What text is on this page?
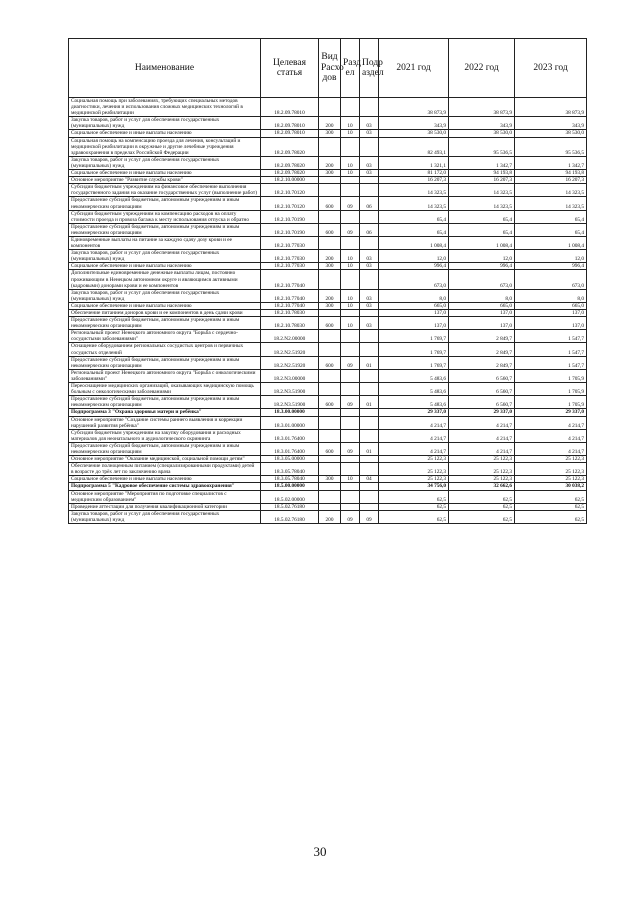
Наименование	Целевая статья	Вид Расхо дов	Разд ел	Подр аздел	2021 год	2022 год	2023 год
Социальная помощь при заболеваниях, требующих специальных методов диагностики, лечения и использования сложных медицинских технологий в медицинской реабилитации	18.2.09.78010				38 873,9	38 873,9	38 873,9
Закупка товаров, работ и услуг для обеспечения государственных (муниципальных) нужд	18.2.09.78010	200	10	03	343,9	343,9	343,9
Социальное обеспечение и иные выплаты населению	18.2.09.78010	300	10	03	38 530,0	38 530,0	38 530,0
Социальная помощь на компенсацию проезда для лечения, консультаций и медицинской реабилитации в окружные и другие лечебные учреждения здравоохранения в пределах Российской Федерации	18.2.09.78020				82 493,1	95 536,5	95 536,5
Закупка товаров, работ и услуг для обеспечения государственных (муниципальных) нужд	18.2.09.78020	200	10	03	1 321,1	1 342,7	1 342,7
Социальное обеспечение и иные выплаты населению	18.2.09.78020	300	10	03	81 172,0	94 193,8	94 193,8
Основное мероприятие "Развитие службы крови"	18.2.10.00000				16 207,3	16 207,3	16 207,3
Субсидии бюджетным учреждениям на финансовое обеспечение выполнения государственного задания на оказание государственных услуг (выполнение работ)	18.2.10.70120				14 323,5	14 323,5	14 323,5
Предоставление субсидий бюджетным, автономным учреждениям и иным некоммерческим организациям	18.2.10.70120	600	09	06	14 323,5	14 323,5	14 323,5
Субсидии бюджетным учреждениям на компенсацию расходов на оплату стоимости проезда и провоза багажа к месту использования отпуска и обратно	18.2.10.70190				65,4	65,4	65,4
Предоставление субсидий бюджетным, автономным учреждениям и иным некоммерческим организациям	18.2.10.70190	600	09	06	65,4	65,4	65,4
Единовременные выплаты на питание за каждую сдачу дозу крови и ее компонентов	18.2.10.77030				1 008,4	1 008,4	1 008,4
Закупка товаров, работ и услуг для обеспечения государственных (муниципальных) нужд	18.2.10.77030	200	10	03	12,0	12,0	12,0
Социальное обеспечение и иные выплаты населению	18.2.10.77030	300	10	03	996,4	996,4	996,4
Дополнительные единовременные денежные выплаты лицам, постоянно проживающим в Ненецком автономном округе и являющимся активными (кадровыми) донорами крови и ее компонентов	18.2.10.77040				673,0	673,0	673,0
Закупка товаров, работ и услуг для обеспечения государственных (муниципальных) нужд	18.2.10.77040	200	10	03	8,0	8,0	8,0
Социальное обеспечение и иные выплаты населению	18.2.10.77040	300	10	03	665,0	665,0	665,0
Обеспечение питанием доноров крови и ее компонентов в день сдачи крови	18.2.10.78030				137,0	137,0	137,0
Предоставление субсидий бюджетным, автономным учреждениям и иным некоммерческим организациям	18.2.10.78030	600	10	03	137,0	137,0	137,0
Региональный проект Ненецкого автономного округа "Борьба с сердечно-сосудистыми заболеваниями"	18.2.N2.00000				1 769,7	2 849,7	1 547,7
Оснащение оборудованием региональных сосудистых центров и первичных сосудистых отделений	18.2.N2.51920				1 769,7	2 849,7	1 547,7
Предоставление субсидий бюджетным, автономным учреждениям и иным некоммерческим организациям	18.2.N2.51920	600	09	01	1 769,7	2 849,7	1 547,7
Региональный проект Ненецкого автономного округа "Борьба с онкологическими заболеваниями"	18.2.N3.00000				5 483,6	6 560,7	1 705,9
Переоснащение медицинских организаций, оказывающих медицинскую помощь больным с онкологическими заболеваниями	18.2.N3.51900				5 483,6	6 560,7	1 705,9
Предоставление субсидий бюджетным, автономным учреждениям и иным некоммерческим организациям	18.2.N3.51900	600	09	01	5 483,6	6 560,7	1 705,9
Подпрограмма 3 "Охрана здоровья матери и ребёнка"	18.3.00.00000				29 337,0	29 337,0	29 337,0
Основное мероприятие "Создание системы раннего выявления и коррекции нарушений развития ребёнка"	18.3.01.00000				4 214,7	4 214,7	4 214,7
Субсидии бюджетным учреждениям на закупку оборудования и расходных материалов для неонатального и аудиологического скрининга	18.3.01.76400				4 214,7	4 214,7	4 214,7
Предоставление субсидий бюджетным, автономным учреждениям и иным некоммерческим организациям	18.3.01.76400	600	09	01	4 214,7	4 214,7	4 214,7
Основное мероприятие "Оказание медицинской, социальной помощи детям"	18.3.05.00000				25 122,3	25 122,3	25 122,3
Обеспечение полноценным питанием (специализированными продуктами) детей в возрасте до трёх лет по заключению врача	18.3.05.78040				25 122,3	25 122,3	25 122,3
Социальное обеспечение и иные выплаты населению	18.3.05.78040	300	10	04	25 122,3	25 122,3	25 122,3
Подпрограмма 5 "Кадровое обеспечение системы здравоохранения"	18.5.00.00000				34 756,0	32 662,6	30 038,2
Основное мероприятие "Мероприятия по подготовке специалистов с медицинским образованием"	18.5.02.00000				62,5	62,5	62,5
Проведение аттестации для получения квалификационной категории	18.5.02.76180				62,5	62,5	62,5
Закупка товаров, работ и услуг для обеспечения государственных (муниципальных) нужд	18.5.02.76180	200	09	09	62,5	62,5	62,5
30
